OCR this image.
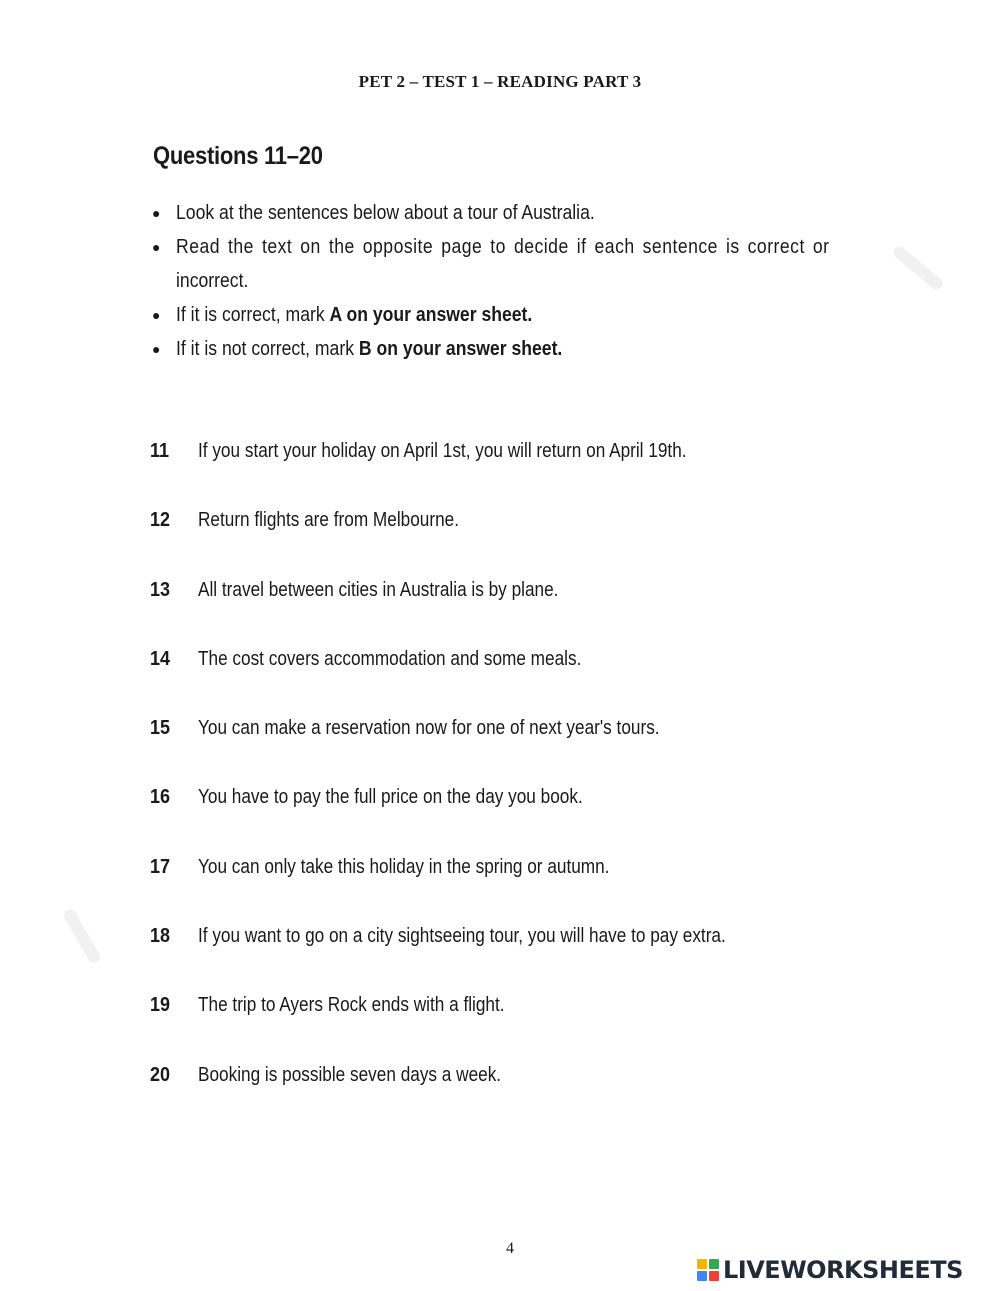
PET 2 – TEST 1 – READING PART 3
Questions 11–20
● Look at the sentences below about a tour of Australia.
● Read the text on the opposite page to decide if each sentence is correct or
incorrect.
● If it is correct, mark A on your answer sheet.
● If it is not correct, mark B on your answer sheet.
11	If you start your holiday on April 1st, you will return on April 19th.
12	Return flights are from Melbourne.
13	All travel between cities in Australia is by plane.
14	The cost covers accommodation and some meals.
15	You can make a reservation now for one of next year's tours.
16	You have to pay the full price on the day you book.
17	You can only take this holiday in the spring or autumn.
18	If you want to go on a city sightseeing tour, you will have to pay extra.
19	The trip to Ayers Rock ends with a flight.
20	Booking is possible seven days a week.
4
LIVEWORKSHEETS
